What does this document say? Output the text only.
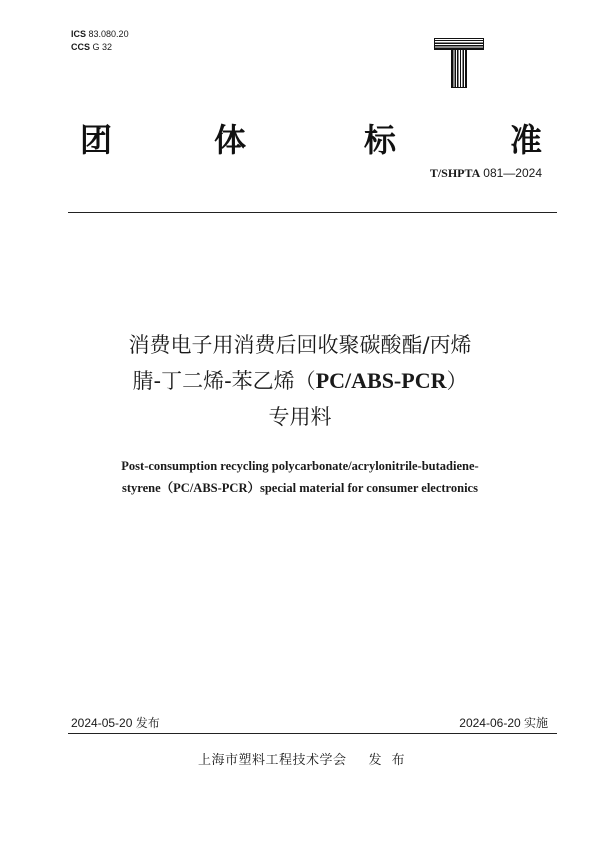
ICS 83.080.20
CCS G 32
团	体	标	准
T/SHPTA 081—2024
消费电子用消费后回收聚碳酸酯/丙烯
腈-丁二烯-苯乙烯（PC/ABS-PCR）
专用料
Post-consumption recycling polycarbonate/acrylonitrile-butadiene-
styrene（PC/ABS-PCR）special material for consumer electronics
2024-05-20 发布	2024-06-20 实施
上海市塑料工程技术学会 发布
